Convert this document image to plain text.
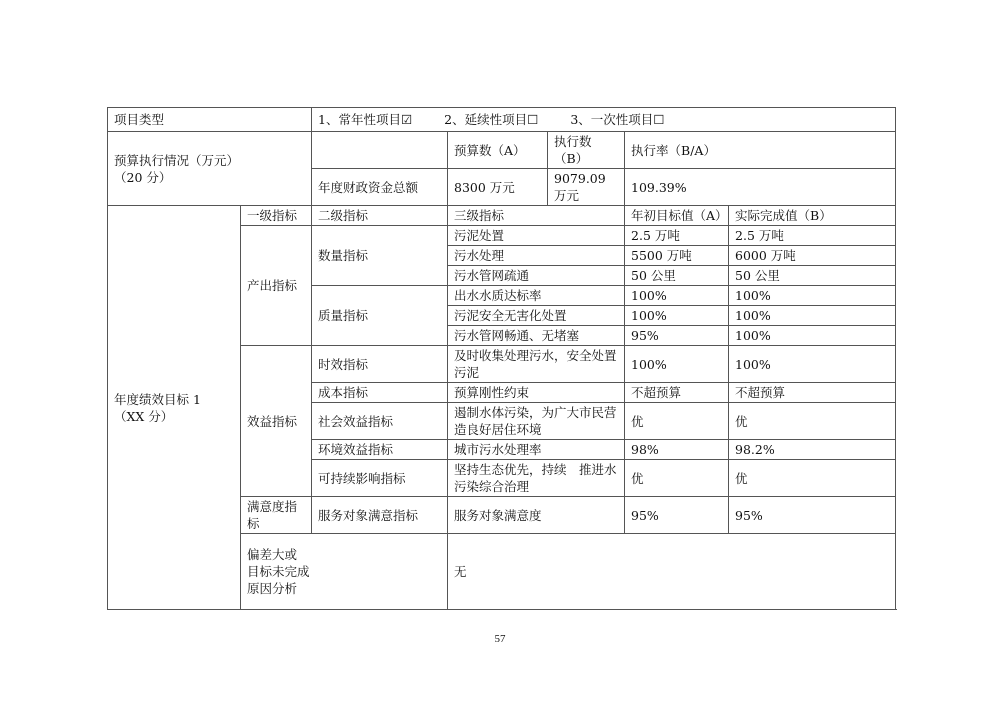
项目类型		1、常年性项目☑ 2、延续性项目☐ 3、一次性项目☐				

预算执行情况（万元）
（20 分）			预算数（A）	执行数（B）	执行率（B/A）	
		年度财政资金总额	8300 万元	9079.09 万元	109.39%	

年度绩效目标 1
（XX 分）	一级指标	二级指标	三级指标		年初目标值（A）	实际完成值（B）
	产出指标	数量指标	污泥处置		2.5 万吨	2.5 万吨
			污水处理		5500 万吨	6000 万吨
			污水管网疏通		50 公里	50 公里
		质量指标	出水水质达标率		100%	100%
			污泥安全无害化处置		100%	100%
			污水管网畅通、无堵塞		95%	100%
	效益指标	时效指标	及时收集处理污水，安全处置污泥		100%	100%
		成本指标	预算刚性约束		不超预算	不超预算
		社会效益指标	遏制水体污染，为广大市民营造良好居住环境		优	优
		环境效益指标	城市污水处理率		98%	98.2%
		可持续影响指标	坚持生态优先，持续　推进水污染综合治理		优	优
	满意度指标	服务对象满意指标	服务对象满意度		95%	95%

	偏差大或
目标未完成
原因分析		无			
57
